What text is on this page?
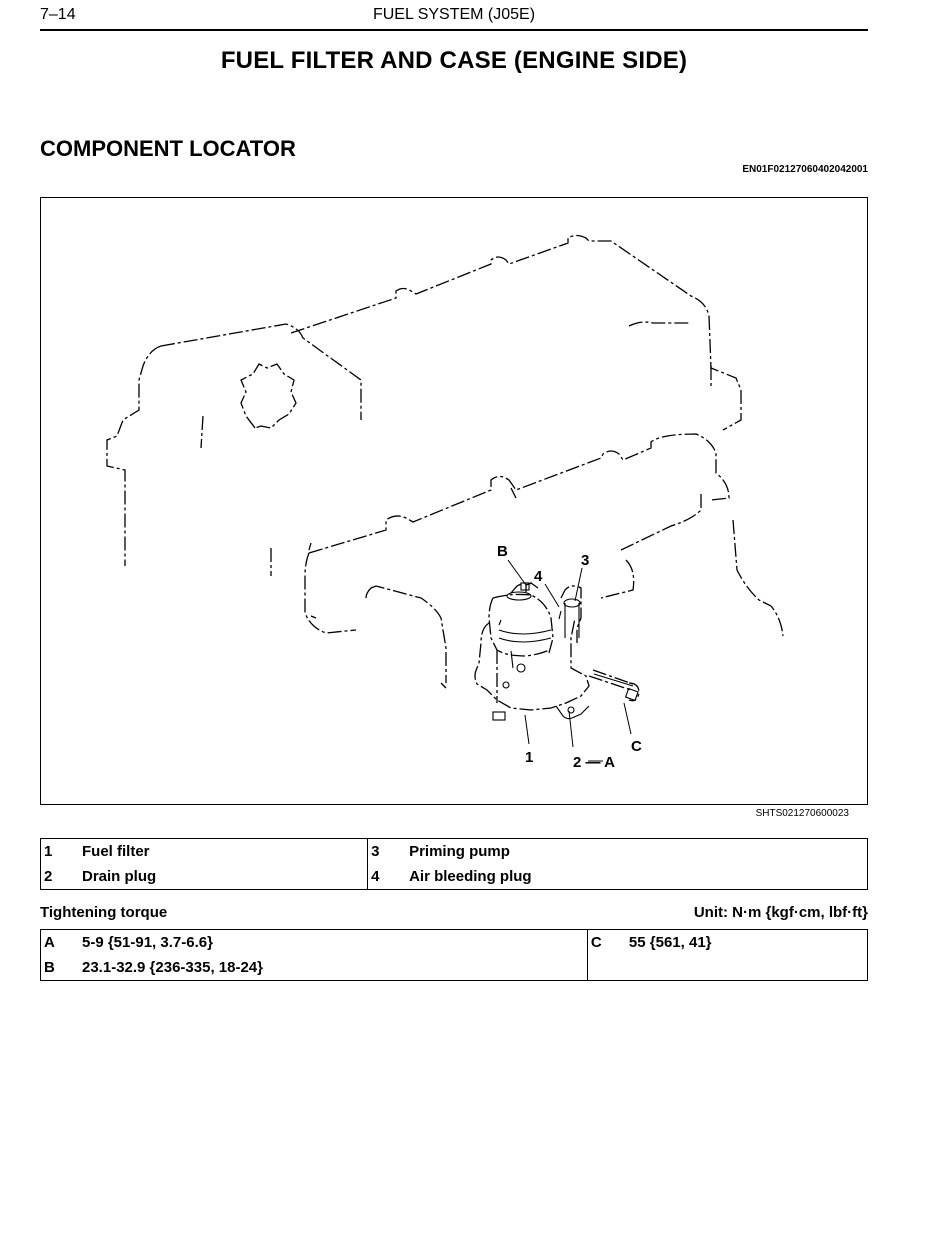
7–14	FUEL SYSTEM (J05E)
FUEL FILTER AND CASE (ENGINE SIDE)
COMPONENT LOCATOR
EN01F02127060402042001
B
4
3
1	2 — A
C
SHTS021270600023
1	Fuel filter	3	Priming pump
2	Drain plug	4	Air bleeding plug
Tightening torque	Unit: N·m {kgf·cm, lbf·ft}
A	5-9 {51-91, 3.7-6.6}	C	55 {561, 41}
B	23.1-32.9 {236-335, 18-24}		
